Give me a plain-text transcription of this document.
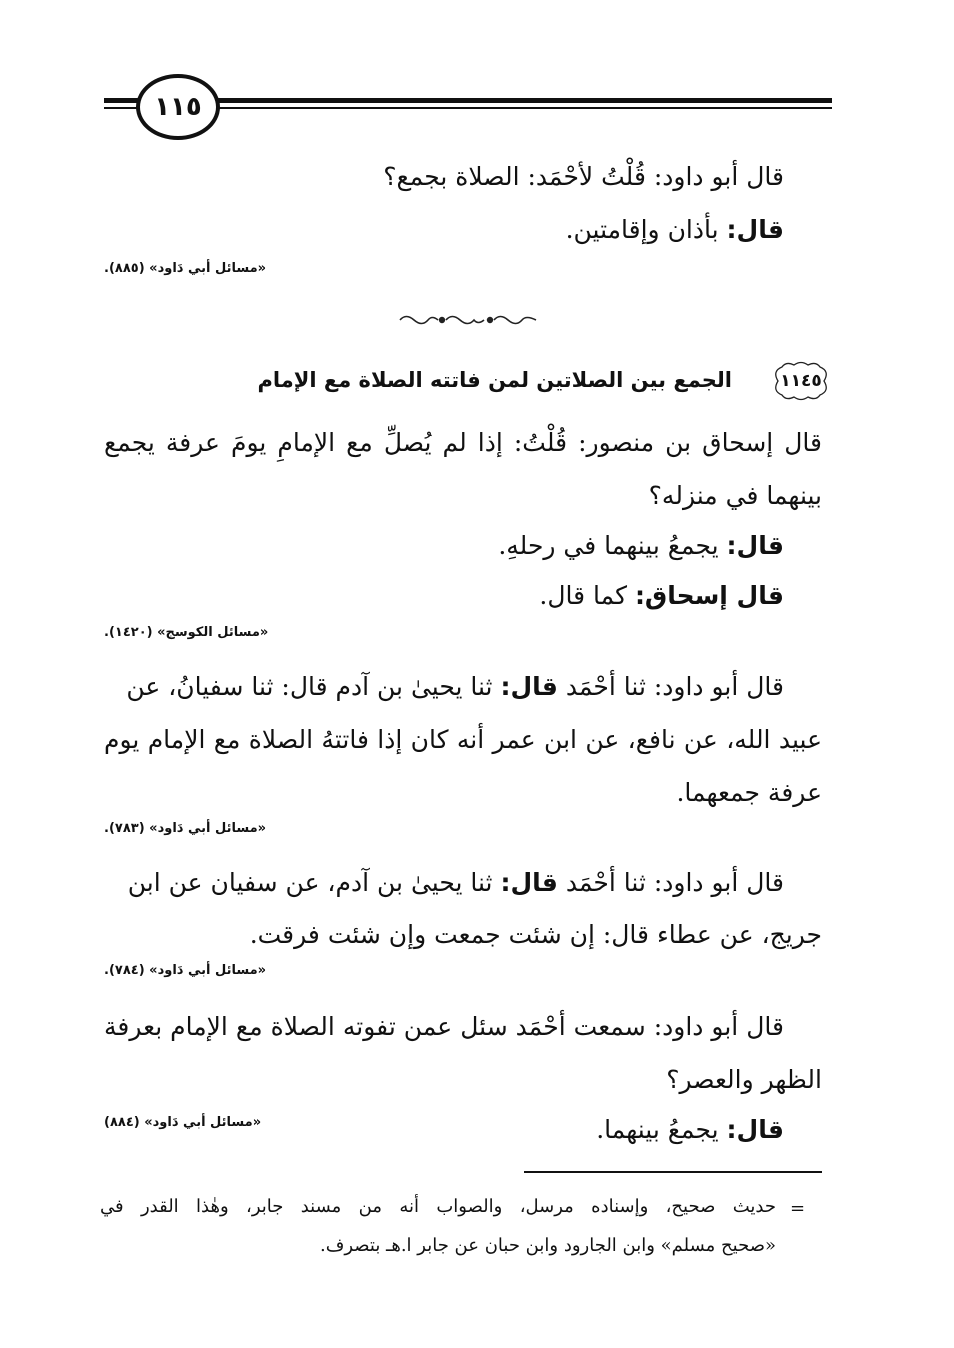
١١٥
قال أبو داود: قُلْتُ لأحْمَد: الصلاة بجمع؟
قال: بأذان وإقامتين.
«مسائل أبي دَاود» (٨٨٥).
١١٤٥
الجمع بين الصلاتين لمن فاتته الصلاة مع الإمام
قال إسحاق بن منصور: قُلْتُ: إذا لم يُصلِّ مع الإمامِ يومَ عرفة يجمع
بينهما في منزله؟
قال: يجمعُ بينهما في رحلهِ.
قال إسحاق: كما قال.
«مسائل الكوسج» (١٤٢٠).
قال أبو داود: ثنا أحْمَد قال: ثنا يحيىٰ بن آدم قال: ثنا سفيانُ، عن
عبيد الله، عن نافع، عن ابن عمر أنه كان إذا فاتتهُ الصلاة مع الإمام يوم
عرفة جمعهما.
«مسائل أبي دَاود» (٧٨٣).
قال أبو داود: ثنا أحْمَد قال: ثنا يحيىٰ بن آدم، عن سفيان عن ابن
جريج، عن عطاء قال: إن شئت جمعت وإن شئت فرقت.
«مسائل أبي دَاود» (٧٨٤).
قال أبو داود: سمعت أحْمَد سئل عمن تفوته الصلاة مع الإمام بعرفة
الظهر والعصر؟
قال: يجمعُ بينهما.
«مسائل أبي دَاود» (٨٨٤)
=
حديث صحيح، وإسناده مرسل، والصواب أنه من مسند جابر، وهٰذا القدر في
«صحيح مسلم» وابن الجارود وابن حبان عن جابر ا.هـ بتصرف.
